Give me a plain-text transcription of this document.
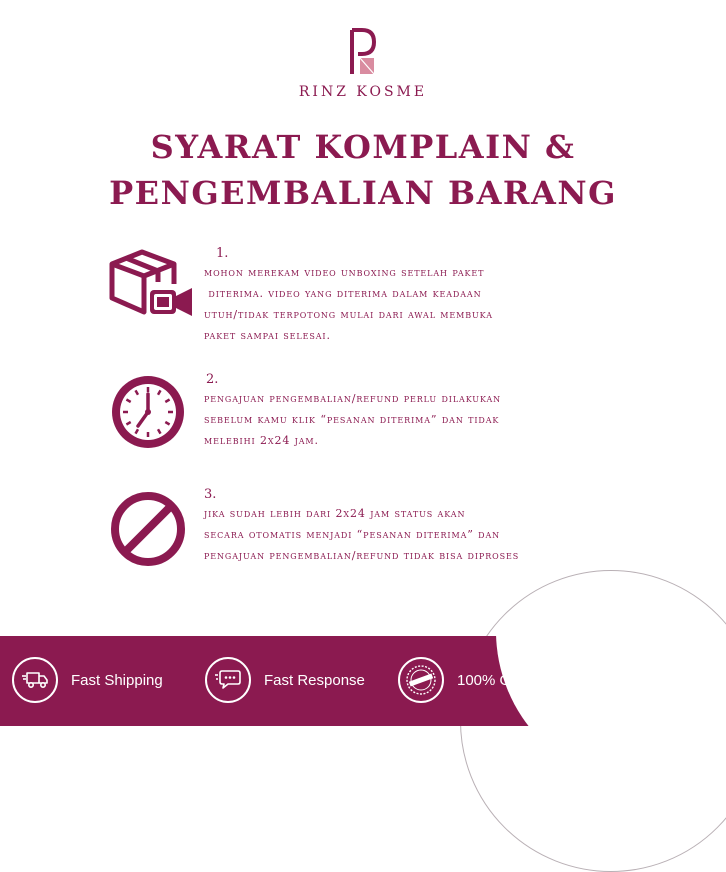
RINZ KOSME
SYARAT KOMPLAIN &
PENGEMBALIAN BARANG
1.
mohon merekam video unboxing setelah paket
diterima. video yang diterima dalam keadaan
utuh/tidak terpotong mulai dari awal membuka
paket sampai selesai.
2.
pengajuan pengembalian/refund perlu dilakukan
sebelum kamu klik “pesanan diterima” dan tidak
melebihi 2x24 jam.
3.
jika sudah lebih dari 2x24 jam status akan
secara otomatis menjadi “pesanan diterima” dan
pengajuan pengembalian/refund tidak bisa diproses
Fast Shipping	Fast Response	100% Original
